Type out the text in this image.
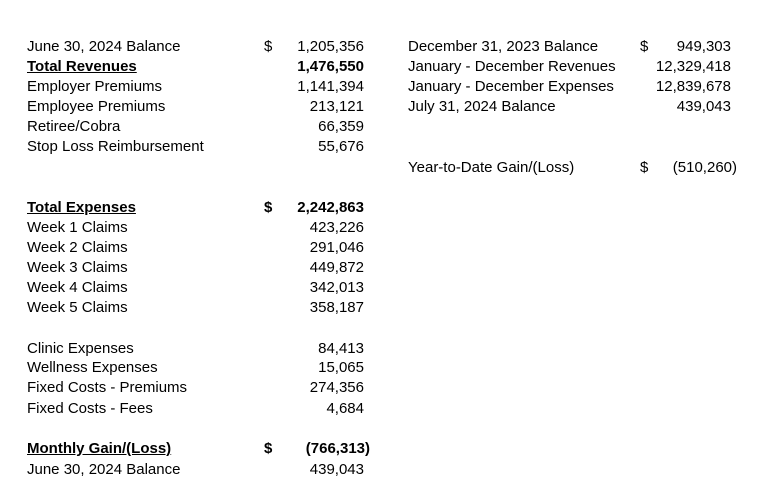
June 30, 2024 Balance	$	1,205,356
Total Revenues	1,476,550
Employer Premiums	1,141,394
Employee Premiums	213,121
Retiree/Cobra	66,359
Stop Loss Reimbursement	55,676
Total Expenses	$	2,242,863
Week 1 Claims	423,226
Week 2 Claims	291,046
Week 3 Claims	449,872
Week 4 Claims	342,013
Week 5 Claims	358,187
Clinic Expenses	84,413
Wellness Expenses	15,065
Fixed Costs - Premiums	274,356
Fixed Costs - Fees	4,684
Monthly Gain/(Loss)	$	(766,313)
June 30, 2024 Balance	439,043
December 31, 2023 Balance	$	949,303
January - December Revenues	12,329,418
January - December Expenses	12,839,678
July 31, 2024 Balance	439,043
Year-to-Date Gain/(Loss)	$	(510,260)
